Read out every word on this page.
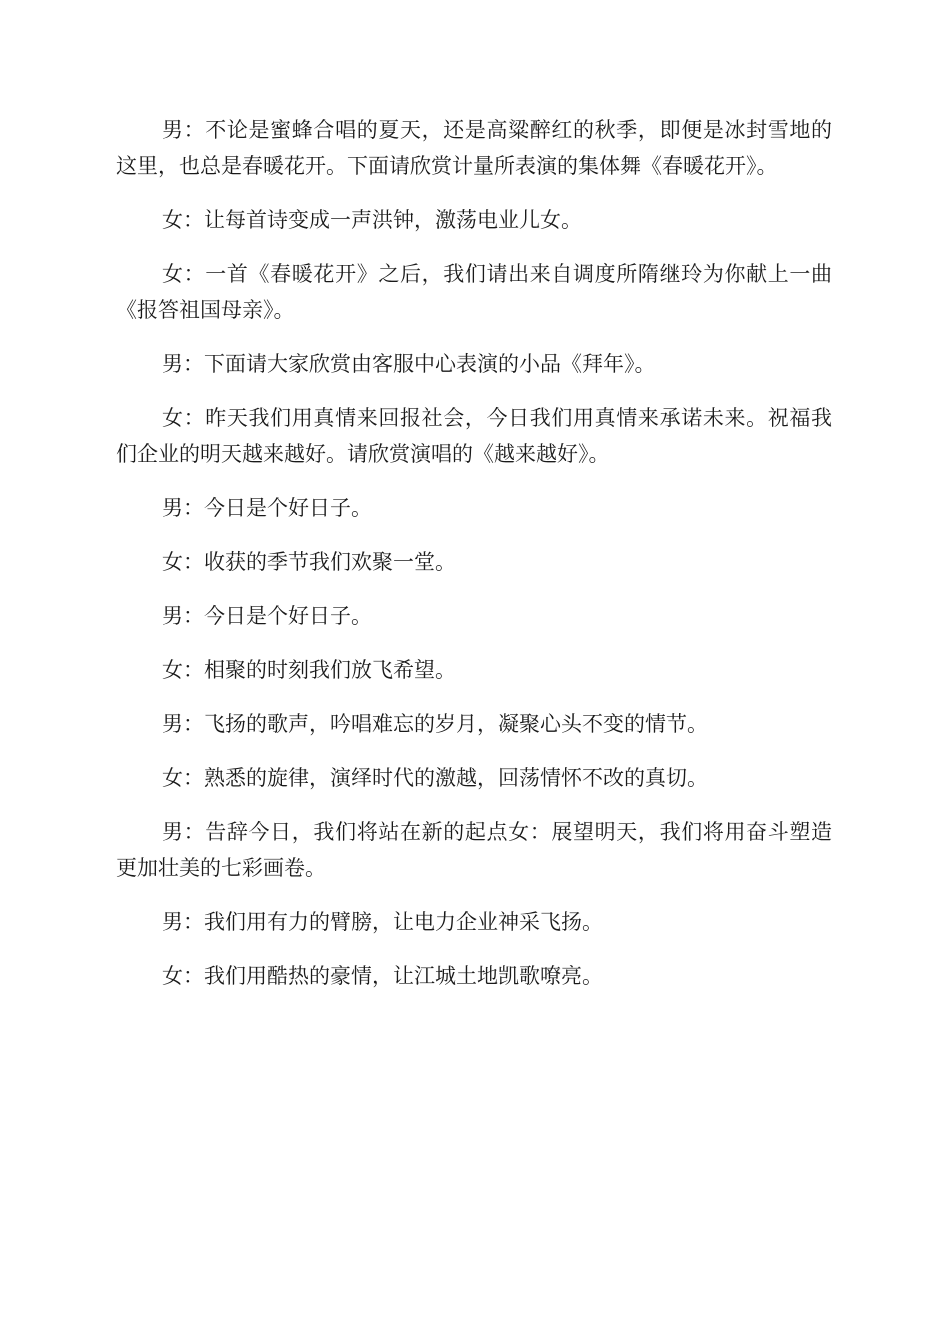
男：不论是蜜蜂合唱的夏天，还是高粱醉红的秋季，即便是冰封雪地的这里，也总是春暖花开。下面请欣赏计量所表演的集体舞《春暖花开》。

女：让每首诗变成一声洪钟，激荡电业儿女。

女：一首《春暖花开》之后，我们请出来自调度所隋继玲为你献上一曲《报答祖国母亲》。

男：下面请大家欣赏由客服中心表演的小品《拜年》。

女：昨天我们用真情来回报社会，今日我们用真情来承诺未来。祝福我们企业的明天越来越好。请欣赏演唱的《越来越好》。

男：今日是个好日子。

女：收获的季节我们欢聚一堂。

男：今日是个好日子。

女：相聚的时刻我们放飞希望。

男：飞扬的歌声，吟唱难忘的岁月，凝聚心头不变的情节。

女：熟悉的旋律，演绎时代的激越，回荡情怀不改的真切。

男：告辞今日，我们将站在新的起点女：展望明天，我们将用奋斗塑造更加壮美的七彩画卷。

男：我们用有力的臂膀，让电力企业神采飞扬。

女：我们用酷热的豪情，让江城土地凯歌嘹亮。
